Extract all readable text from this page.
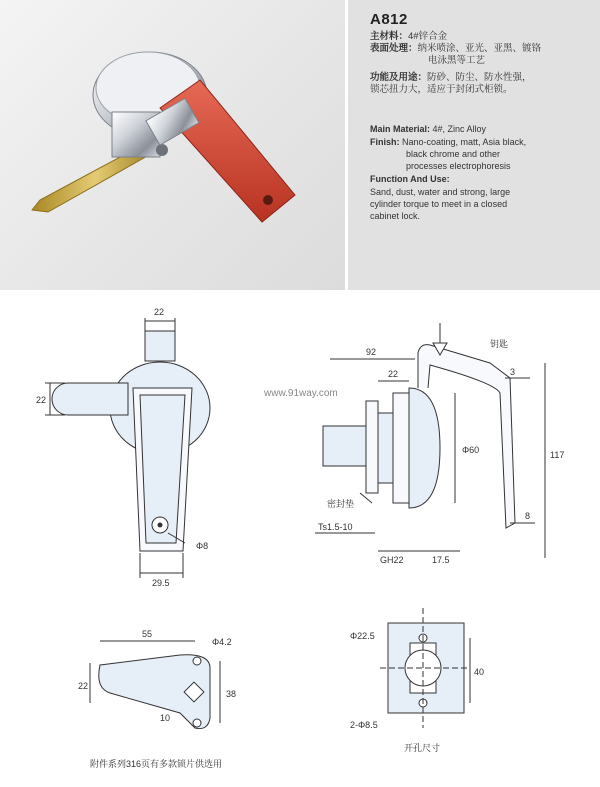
A812
主材料：4#锌合金
表面处理：纳米喷涂、亚光、亚黑、镀铬
电泳黑等工艺
功能及用途：防砂、防尘、防水性强，
锁芯扭力大，适应于封闭式柜锁。
Main Material: 4#, Zinc Alloy
Finish: Nano-coating, matt, Asia black,
black chrome and other
processes electrophoresis
Function And Use:
Sand, dust, water and strong, large
cylinder torque to meet in a closed
cabinet lock.
22
22
Φ8
29.5
92
22
Φ60
3
117
8
Ts1.5-10
GH22	17.5
55
Φ4.2
22
38
10
Φ22.5
40
2-Φ8.5
钥匙
密封垫
www.91way.com
开孔尺寸
附件系列316页有多款锁片供选用
